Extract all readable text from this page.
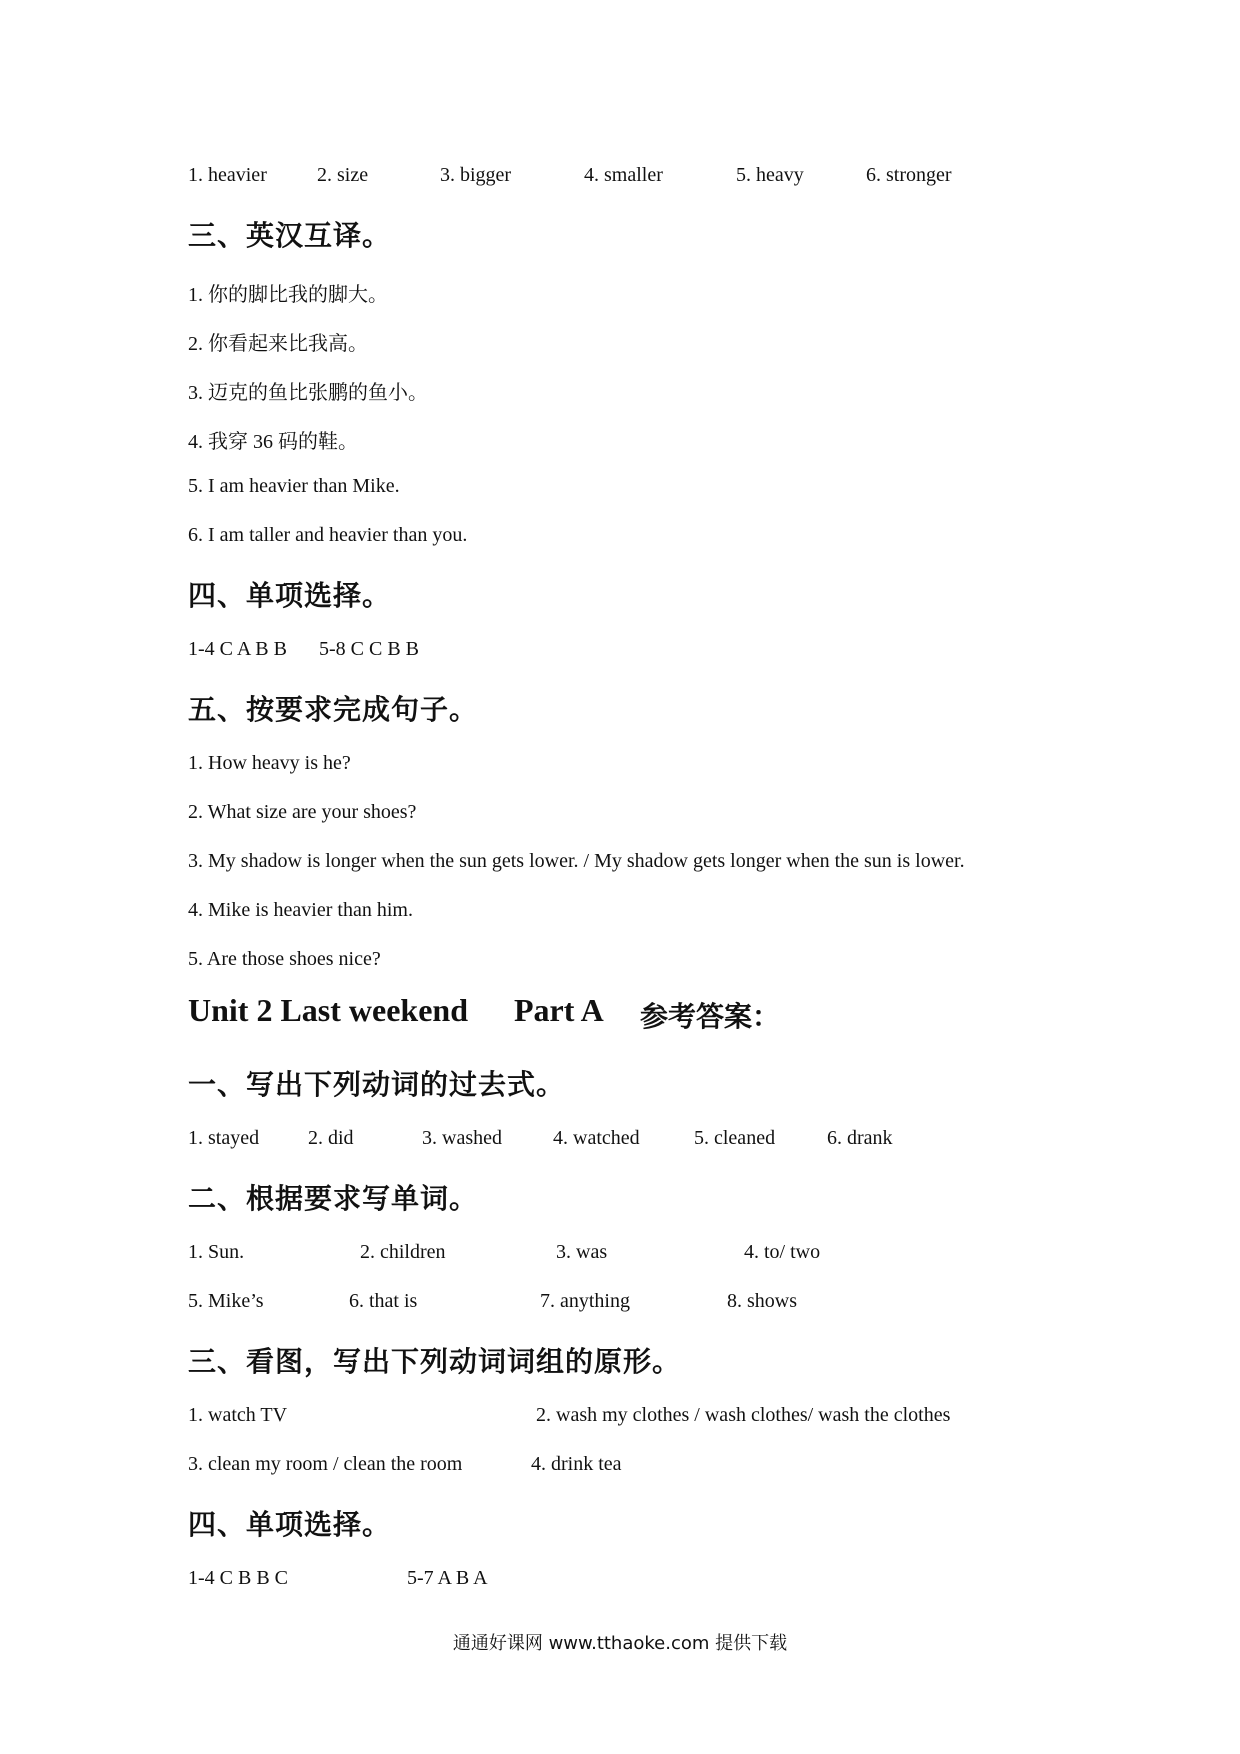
1. heavier	2. size	3. bigger	4. smaller	5. heavy	6. stronger
三、英汉互译。
1. 你的脚比我的脚大。
2. 你看起来比我高。
3. 迈克的鱼比张鹏的鱼小。
4. 我穿 36 码的鞋。
5. I am heavier than Mike.
6. I am taller and heavier than you.
四、单项选择。
1-4 C A B B 5-8 C C B B
五、按要求完成句子。
1. How heavy is he?
2. What size are your shoes?
3. My shadow is longer when the sun gets lower. / My shadow gets longer when the sun is lower.
4. Mike is heavier than him.
5. Are those shoes nice?
Unit 2 Last weekend Part A 参考答案：
一、写出下列动词的过去式。
1. stayed 2. did	3. washed	4. watched	5. cleaned	6. drank
二、根据要求写单词。
1. Sun.	2. children	3. was	4. to/ two
5. Mike’s	6. that is	7. anything	8. shows
三、看图，写出下列动词词组的原形。
1. watch TV	2. wash my clothes / wash clothes/ wash the clothes
3. clean my room / clean the room	4. drink tea
四、单项选择。
1-4 C B B C	5-7 A B A
通通好课网 www.tthaoke.com 提供下载
